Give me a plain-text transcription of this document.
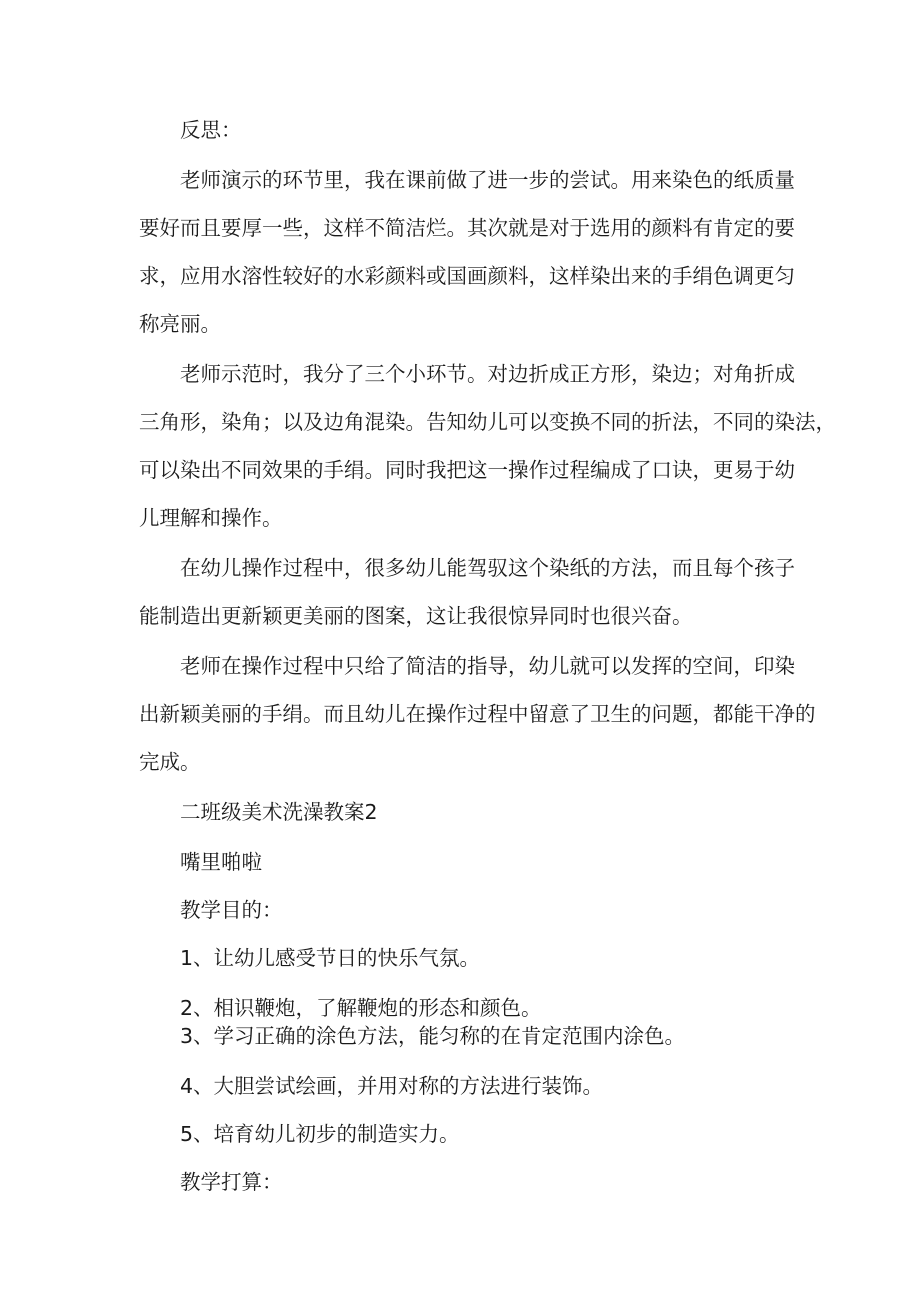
反思：

老师演示的环节里，我在课前做了进一步的尝试。用来染色的纸质量

要好而且要厚一些，这样不简洁烂。其次就是对于选用的颜料有肯定的要

求，应用水溶性较好的水彩颜料或国画颜料，这样染出来的手绢色调更匀

称亮丽。

老师示范时，我分了三个小环节。对边折成正方形，染边；对角折成

三角形，染角；以及边角混染。告知幼儿可以变换不同的折法，不同的染法，

可以染出不同效果的手绢。同时我把这一操作过程编成了口诀，更易于幼

儿理解和操作。

在幼儿操作过程中，很多幼儿能驾驭这个染纸的方法，而且每个孩子

能制造出更新颖更美丽的图案，这让我很惊异同时也很兴奋。

老师在操作过程中只给了简洁的指导，幼儿就可以发挥的空间，印染

出新颖美丽的手绢。而且幼儿在操作过程中留意了卫生的问题，都能干净的

完成。

二班级美术洗澡教案2

嘴里啪啦

教学目的：

1、让幼儿感受节日的快乐气氛。

2、相识鞭炮，了解鞭炮的形态和颜色。

3、学习正确的涂色方法，能匀称的在肯定范围内涂色。

4、大胆尝试绘画，并用对称的方法进行装饰。

5、培育幼儿初步的制造实力。

教学打算：
